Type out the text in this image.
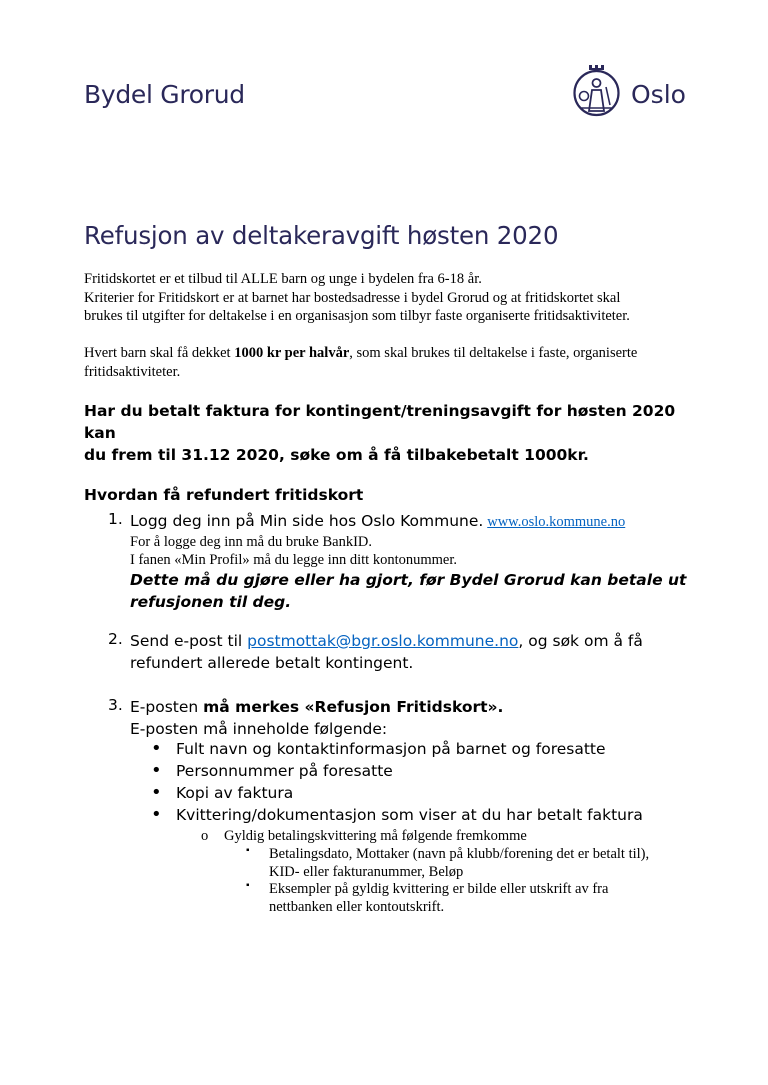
Bydel Grorud	Oslo
Refusjon av deltakeravgift høsten 2020
Fritidskortet er et tilbud til ALLE barn og unge i bydelen fra 6-18 år.
Kriterier for Fritidskort er at barnet har bostedsadresse i bydel Grorud og at fritidskortet skal
brukes til utgifter for deltakelse i en organisasjon som tilbyr faste organiserte fritidsaktiviteter.
Hvert barn skal få dekket 1000 kr per halvår, som skal brukes til deltakelse i faste, organiserte
fritidsaktiviteter.
Har du betalt faktura for kontingent/treningsavgift for høsten 2020 kan
du frem til 31.12 2020, søke om å få tilbakebetalt 1000kr.
Hvordan få refundert fritidskort
1. Logg deg inn på Min side hos Oslo Kommune. www.oslo.kommune.no
For å logge deg inn må du bruke BankID.
I fanen «Min Profil» må du legge inn ditt kontonummer.
Dette må du gjøre eller ha gjort, før Bydel Grorud kan betale ut
refusjonen til deg.
2. Send e-post til postmottak@bgr.oslo.kommune.no, og søk om å få
refundert allerede betalt kontingent.
3. E-posten må merkes «Refusjon Fritidskort».
E-posten må inneholde følgende:
• Fult navn og kontaktinformasjon på barnet og foresatte
• Personnummer på foresatte
• Kopi av faktura
• Kvittering/dokumentasjon som viser at du har betalt faktura
o Gyldig betalingskvittering må følgende fremkomme
▪ Betalingsdato, Mottaker (navn på klubb/forening det er betalt til),
KID- eller fakturanummer, Beløp
▪ Eksempler på gyldig kvittering er bilde eller utskrift av fra
nettbanken eller kontoutskrift.
